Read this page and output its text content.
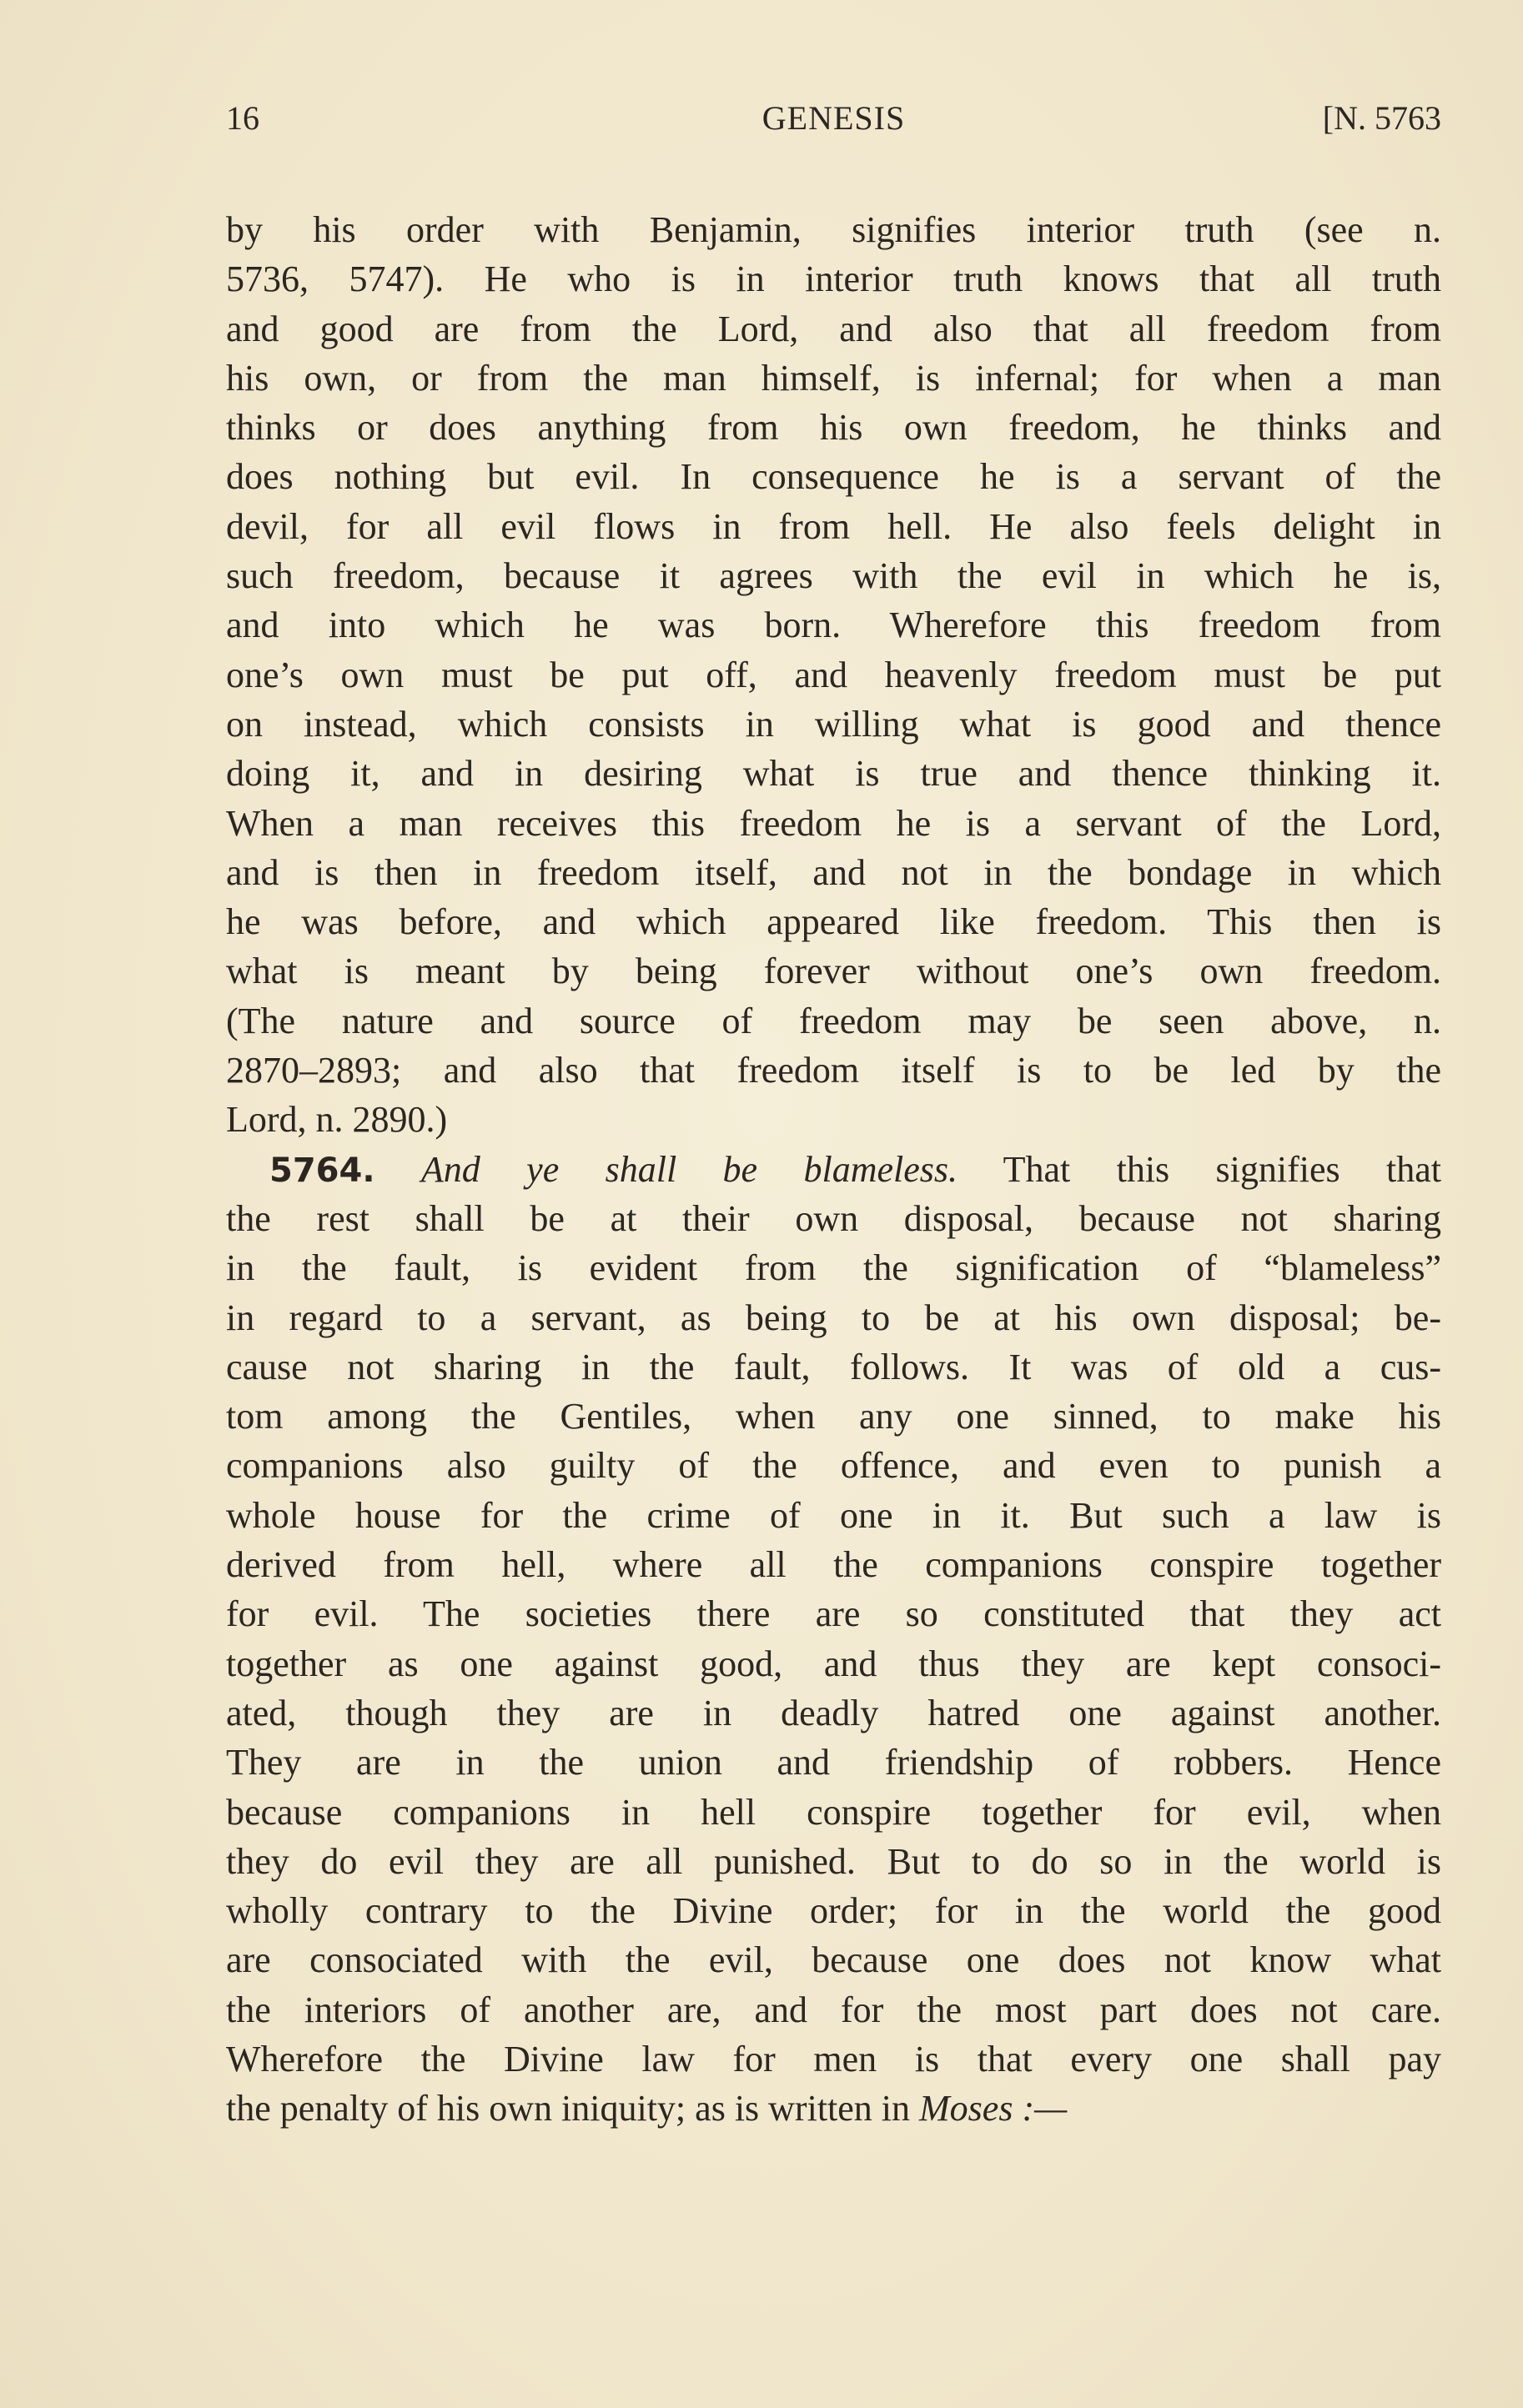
16	GENESIS	[N. 5763
by his order with Benjamin, signifies interior truth (see n.
5736, 5747). He who is in interior truth knows that all truth
and good are from the Lord, and also that all freedom from
his own, or from the man himself, is infernal; for when a man
thinks or does anything from his own freedom, he thinks and
does nothing but evil. In consequence he is a servant of the
devil, for all evil flows in from hell. He also feels delight in
such freedom, because it agrees with the evil in which he is,
and into which he was born. Wherefore this freedom from
one’s own must be put off, and heavenly freedom must be put
on instead, which consists in willing what is good and thence
doing it, and in desiring what is true and thence thinking it.
When a man receives this freedom he is a servant of the Lord,
and is then in freedom itself, and not in the bondage in which
he was before, and which appeared like freedom. This then is
what is meant by being forever without one’s own freedom.
(The nature and source of freedom may be seen above, n.
2870–2893; and also that freedom itself is to be led by the
Lord, n. 2890.)
5764. And ye shall be blameless. That this signifies that
the rest shall be at their own disposal, because not sharing
in the fault, is evident from the signification of “blameless”
in regard to a servant, as being to be at his own disposal; be-
cause not sharing in the fault, follows. It was of old a cus-
tom among the Gentiles, when any one sinned, to make his
companions also guilty of the offence, and even to punish a
whole house for the crime of one in it. But such a law is
derived from hell, where all the companions conspire together
for evil. The societies there are so constituted that they act
together as one against good, and thus they are kept consoci-
ated, though they are in deadly hatred one against another.
They are in the union and friendship of robbers. Hence
because companions in hell conspire together for evil, when
they do evil they are all punished. But to do so in the world is
wholly contrary to the Divine order; for in the world the good
are consociated with the evil, because one does not know what
the interiors of another are, and for the most part does not care.
Wherefore the Divine law for men is that every one shall pay
the penalty of his own iniquity; as is written in Moses :—
